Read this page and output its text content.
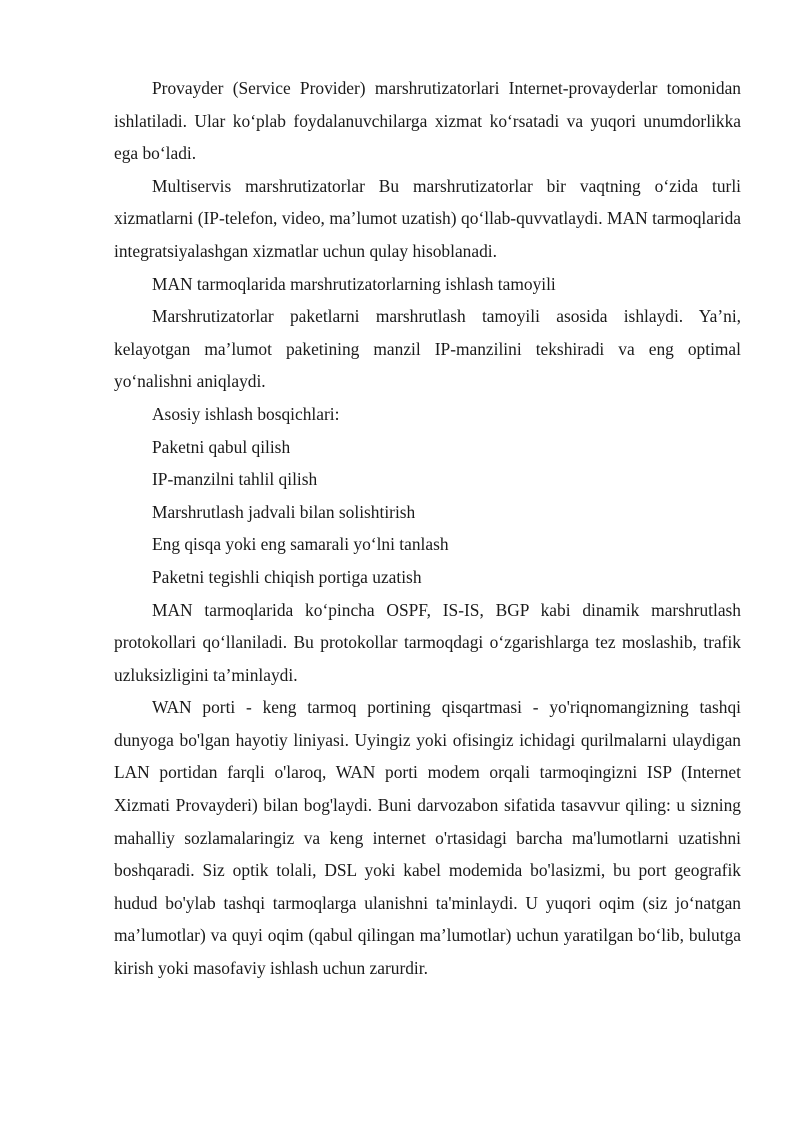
Provayder (Service Provider) marshrutizatorlari Internet-provayderlar tomonidan ishlatiladi. Ular ko‘plab foydalanuvchilarga xizmat ko‘rsatadi va yuqori unumdorlikka ega bo‘ladi.

Multiservis marshrutizatorlar Bu marshrutizatorlar bir vaqtning o‘zida turli xizmatlarni (IP-telefon, video, ma’lumot uzatish) qo‘llab-quvvatlaydi. MAN tarmoqlarida integratsiyalashgan xizmatlar uchun qulay hisoblanadi.

MAN tarmoqlarida marshrutizatorlarning ishlash tamoyili

Marshrutizatorlar paketlarni marshrutlash tamoyili asosida ishlaydi. Ya’ni, kelayotgan ma’lumot paketining manzil IP-manzilini tekshiradi va eng optimal yo‘nalishni aniqlaydi.

Asosiy ishlash bosqichlari:

Paketni qabul qilish

IP-manzilni tahlil qilish

Marshrutlash jadvali bilan solishtirish

Eng qisqa yoki eng samarali yo‘lni tanlash

Paketni tegishli chiqish portiga uzatish

MAN tarmoqlarida ko‘pincha OSPF, IS-IS, BGP kabi dinamik marshrutlash protokollari qo‘llaniladi. Bu protokollar tarmoqdagi o‘zgarishlarga tez moslashib, trafik uzluksizligini ta’minlaydi.

WAN porti - keng tarmoq portining qisqartmasi - yo'riqnomangizning tashqi dunyoga bo'lgan hayotiy liniyasi. Uyingiz yoki ofisingiz ichidagi qurilmalarni ulaydigan LAN portidan farqli o'laroq, WAN porti modem orqali tarmoqingizni ISP (Internet Xizmati Provayderi) bilan bog'laydi. Buni darvozabon sifatida tasavvur qiling: u sizning mahalliy sozlamalaringiz va keng internet o'rtasidagi barcha ma'lumotlarni uzatishni boshqaradi. Siz optik tolali, DSL yoki kabel modemida bo'lasizmi, bu port geografik hudud bo'ylab tashqi tarmoqlarga ulanishni ta'minlaydi. U yuqori oqim (siz jo‘natgan ma’lumotlar) va quyi oqim (qabul qilingan ma’lumotlar) uchun yaratilgan bo‘lib, bulutga kirish yoki masofaviy ishlash uchun zarurdir.
